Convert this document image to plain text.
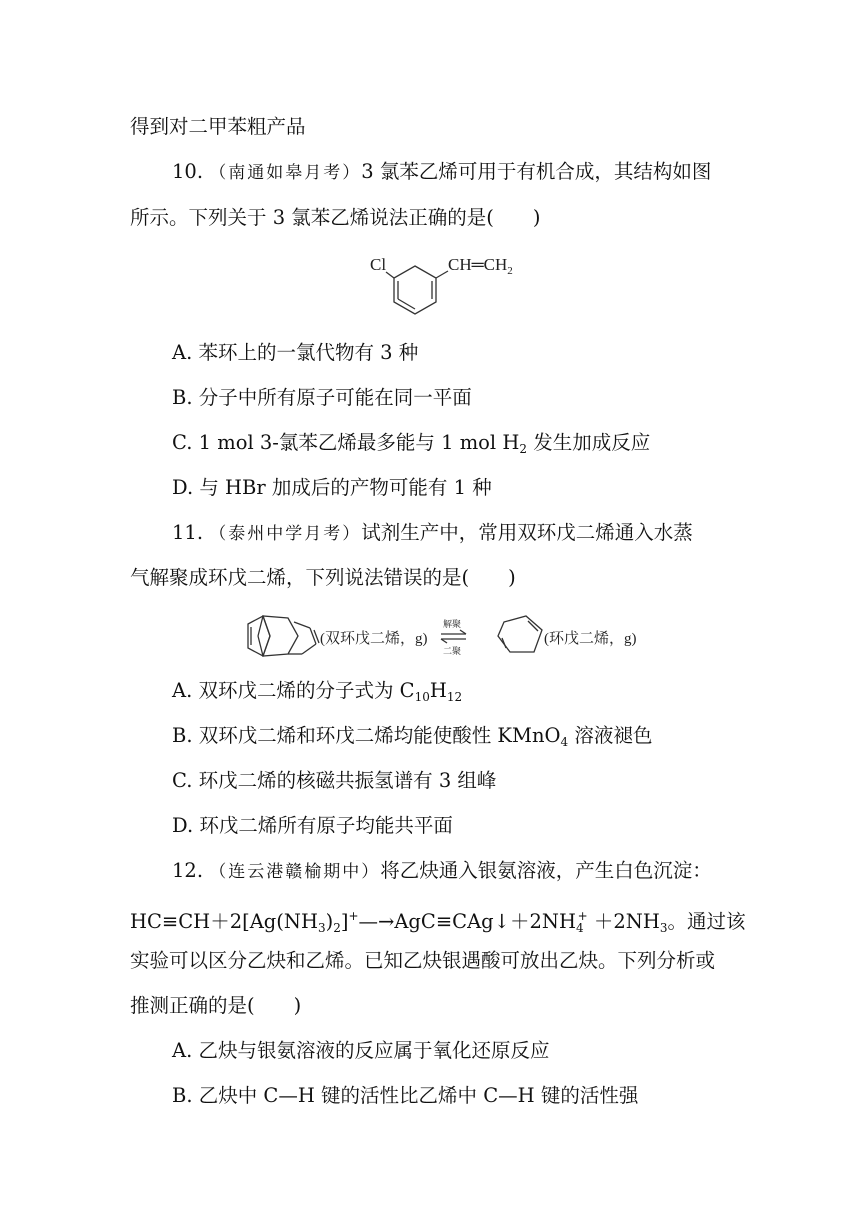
得到对二甲苯粗产品
10. （南通如皋月考）3 氯苯乙烯可用于有机合成，其结构如图
所示。下列关于 3 氯苯乙烯说法正确的是(　　)
Cl	$CH═CH_2$
A. 苯环上的一氯代物有 3 种
B. 分子中所有原子可能在同一平面
C. 1 mol 3-氯苯乙烯最多能与 1 mol $H_2$ 发生加成反应
D. 与 HBr 加成后的产物可能有 1 种
11. （泰州中学月考）试剂生产中，常用双环戊二烯通入水蒸
气解聚成环戊二烯，下列说法错误的是(　　)
(双环戊二烯，g)
解聚
二聚
(环戊二烯，g)
A. 双环戊二烯的分子式为 $C_{10}H_{12}$
B. 双环戊二烯和环戊二烯均能使酸性 KMnO$_4$ 溶液褪色
C. 环戊二烯的核磁共振氢谱有 3 组峰
D. 环戊二烯所有原子均能共平面
12. （连云港赣榆期中）将乙炔通入银氨溶液，产生白色沉淀：
$HC\equiv CH+2[Ag(NH_3)_2]^+—\to AgC\equiv CAg↓+2NH_4^+ +2NH_3$。通过该
实验可以区分乙炔和乙烯。已知乙炔银遇酸可放出乙炔。下列分析或
推测正确的是(　　)
A. 乙炔与银氨溶液的反应属于氧化还原反应
B. 乙炔中 C—H 键的活性比乙烯中 C—H 键的活性强
